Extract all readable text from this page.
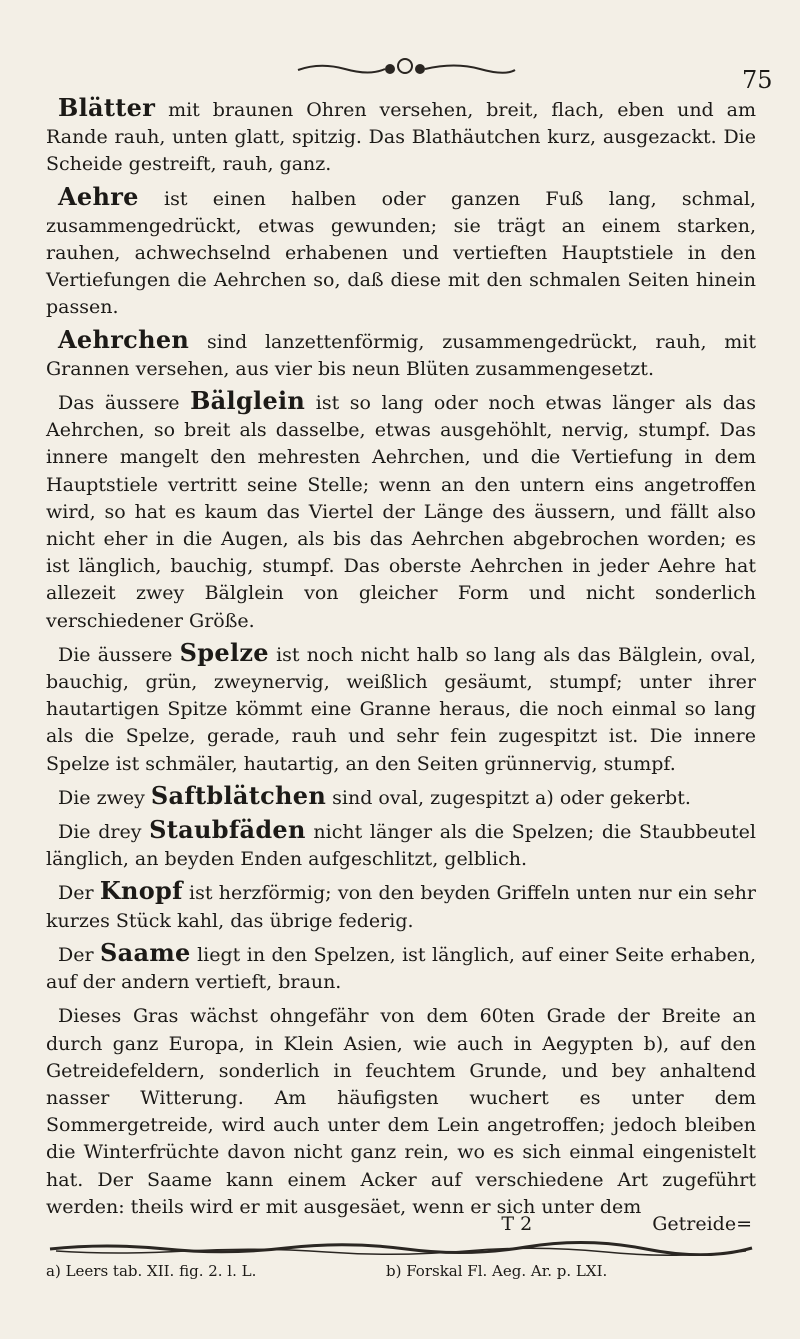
75

Blätter mit braunen Ohren versehen, breit, flach, eben und am Rande rauh, unten glatt, spitzig. Das Blathäutchen kurz, ausgezackt. Die Scheide gestreift, rauh, ganz.

Aehre ist einen halben oder ganzen Fuß lang, schmal, zusammengedrückt, etwas gewunden; sie trägt an einem starken, rauhen, achwechselnd erhabenen und vertieften Hauptstiele in den Vertiefungen die Aehrchen so, daß diese mit den schmalen Seiten hinein passen.

Aehrchen sind lanzettenförmig, zusammengedrückt, rauh, mit Grannen versehen, aus vier bis neun Blüten zusammengesetzt.

Das äussere Bälglein ist so lang oder noch etwas länger als das Aehrchen, so breit als dasselbe, etwas ausgehöhlt, nervig, stumpf. Das innere mangelt den mehresten Aehrchen, und die Vertiefung in dem Hauptstiele vertritt seine Stelle; wenn an den untern eins angetroffen wird, so hat es kaum das Viertel der Länge des äussern, und fällt also nicht eher in die Augen, als bis das Aehrchen abgebrochen worden; es ist länglich, bauchig, stumpf. Das oberste Aehrchen in jeder Aehre hat allezeit zwey Bälglein von gleicher Form und nicht sonderlich verschiedener Größe.

Die äussere Spelze ist noch nicht halb so lang als das Bälglein, oval, bauchig, grün, zweynervig, weißlich gesäumt, stumpf; unter ihrer hautartigen Spitze kömmt eine Granne heraus, die noch einmal so lang als die Spelze, gerade, rauh und sehr fein zugespitzt ist. Die innere Spelze ist schmäler, hautartig, an den Seiten grünnervig, stumpf.

Die zwey Saftblätchen sind oval, zugespitzt a) oder gekerbt.

Die drey Staubfäden nicht länger als die Spelzen; die Staubbeutel länglich, an beyden Enden aufgeschlitzt, gelblich.

Der Knopf ist herzförmig; von den beyden Griffeln unten nur ein sehr kurzes Stück kahl, das übrige federig.

Der Saame liegt in den Spelzen, ist länglich, auf einer Seite erhaben, auf der andern vertieft, braun.

Dieses Gras wächst ohngefähr von dem 60ten Grade der Breite an durch ganz Europa, in Klein Asien, wie auch in Aegypten b), auf den Getreidefeldern, sonderlich in feuchtem Grunde, und bey anhaltend nasser Witterung. Am häufigsten wuchert es unter dem Sommergetreide, wird auch unter dem Lein angetroffen; jedoch bleiben die Winterfrüchte davon nicht ganz rein, wo es sich einmal eingenistelt hat. Der Saame kann einem Acker auf verschiedene Art zugeführt werden: theils wird er mit ausgesäet, wenn er sich unter dem

T 2	Getreide=
a) Leers tab. XII. fig. 2. l. L.	b) Forskal Fl. Aeg. Ar. p. LXI.
